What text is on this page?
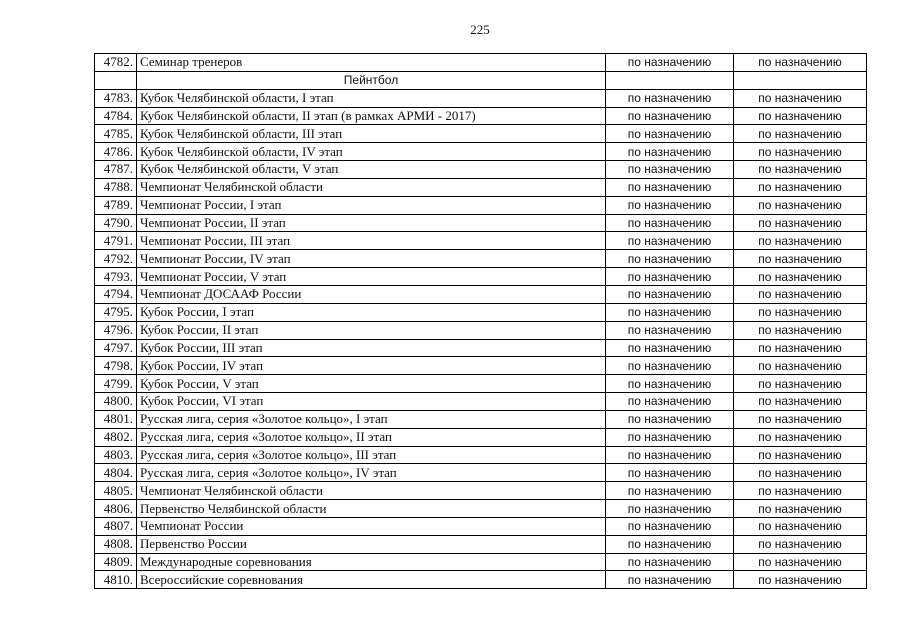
225
4782.	Семинар тренеров	по назначению	по назначению
	Пейнтбол		
4783.	Кубок Челябинской области, I этап	по назначению	по назначению
4784.	Кубок Челябинской области, II этап (в рамках АРМИ - 2017)	по назначению	по назначению
4785.	Кубок Челябинской области, III этап	по назначению	по назначению
4786.	Кубок Челябинской области, IV этап	по назначению	по назначению
4787.	Кубок Челябинской области, V этап	по назначению	по назначению
4788.	Чемпионат Челябинской области	по назначению	по назначению
4789.	Чемпионат России, I этап	по назначению	по назначению
4790.	Чемпионат России, II этап	по назначению	по назначению
4791.	Чемпионат России, III этап	по назначению	по назначению
4792.	Чемпионат России, IV этап	по назначению	по назначению
4793.	Чемпионат России, V этап	по назначению	по назначению
4794.	Чемпионат ДОСААФ России	по назначению	по назначению
4795.	Кубок России, I этап	по назначению	по назначению
4796.	Кубок России, II этап	по назначению	по назначению
4797.	Кубок России, III этап	по назначению	по назначению
4798.	Кубок России, IV этап	по назначению	по назначению
4799.	Кубок России, V этап	по назначению	по назначению
4800.	Кубок России, VI этап	по назначению	по назначению
4801.	Русская лига, серия «Золотое кольцо», I этап	по назначению	по назначению
4802.	Русская лига, серия «Золотое кольцо», II этап	по назначению	по назначению
4803.	Русская лига, серия «Золотое кольцо», III этап	по назначению	по назначению
4804.	Русская лига, серия «Золотое кольцо», IV этап	по назначению	по назначению
4805.	Чемпионат Челябинской области	по назначению	по назначению
4806.	Первенство Челябинской области	по назначению	по назначению
4807.	Чемпионат России	по назначению	по назначению
4808.	Первенство России	по назначению	по назначению
4809.	Международные соревнования	по назначению	по назначению
4810.	Всероссийские соревнования	по назначению	по назначению
